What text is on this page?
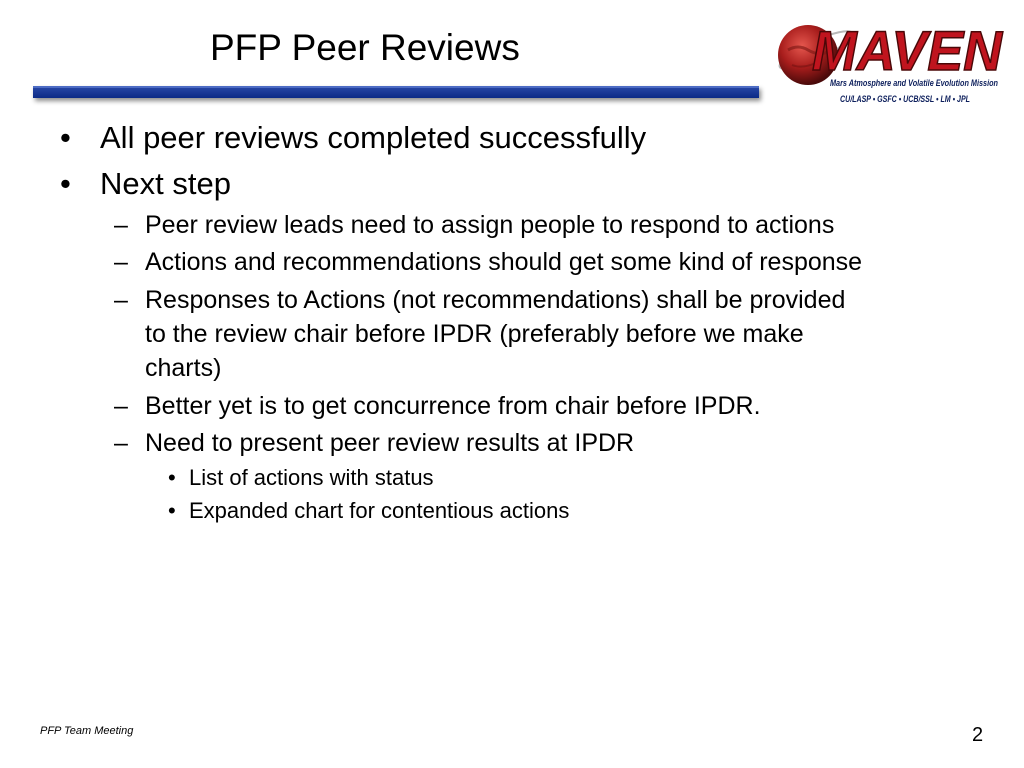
PFP Peer Reviews	MAVEN
Mars Atmosphere and Volatile Evolution Mission
CU/LASP • GSFC • UCB/SSL • LM • JPL
• All peer reviews completed successfully
• Next step
– Peer review leads need to assign people to respond to actions
– Actions and recommendations should get some kind of response
– Responses to Actions (not recommendations) shall be provided
to the review chair before IPDR (preferably before we make
charts)
– Better yet is to get concurrence from chair before IPDR.
– Need to present peer review results at IPDR
• List of actions with status
• Expanded chart for contentious actions
PFP Team Meeting	2
